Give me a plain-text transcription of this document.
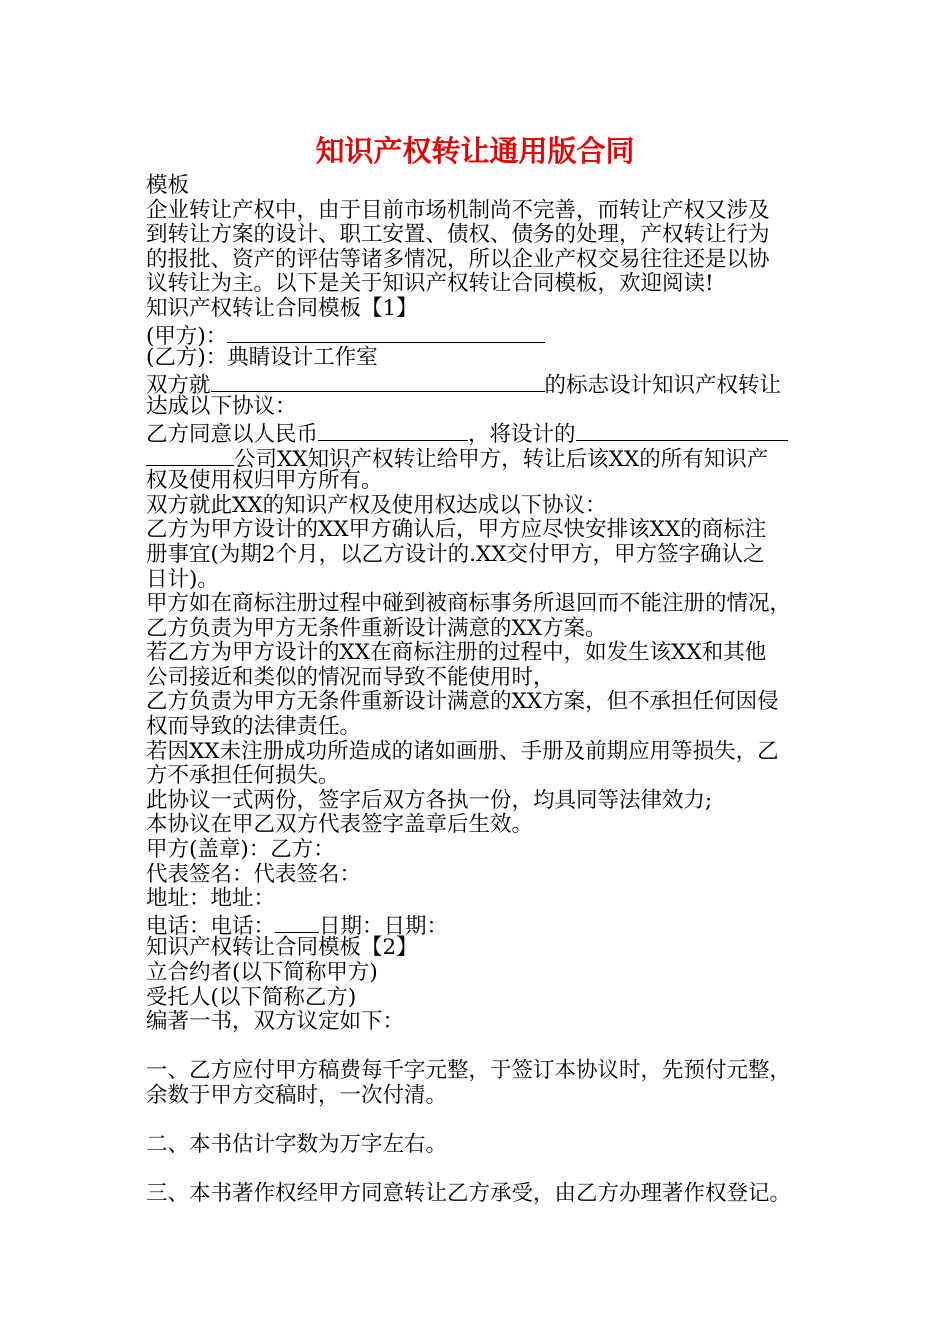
知识产权转让通用版合同
模板
企业转让产权中，由于目前市场机制尚不完善，而转让产权又涉及
到转让方案的设计、职工安置、债权、债务的处理，产权转让行为
的报批、资产的评估等诸多情况，所以企业产权交易往往还是以协
议转让为主。以下是关于知识产权转让合同模板，欢迎阅读!
知识产权转让合同模板【1】
(甲方)：
(乙方)：典睛设计工作室
双方就	的标志设计知识产权转让
达成以下协议：
乙方同意以人民币	，将设计的
公司XX知识产权转让给甲方，转让后该XX的所有知识产
权及使用权归甲方所有。
双方就此XX的知识产权及使用权达成以下协议：
乙方为甲方设计的XX甲方确认后，甲方应尽快安排该XX的商标注
册事宜(为期2个月，以乙方设计的.XX交付甲方，甲方签字确认之
日计)。
甲方如在商标注册过程中碰到被商标事务所退回而不能注册的情况，
乙方负责为甲方无条件重新设计满意的XX方案。
若乙方为甲方设计的XX在商标注册的过程中，如发生该XX和其他
公司接近和类似的情况而导致不能使用时，
乙方负责为甲方无条件重新设计满意的XX方案，但不承担任何因侵
权而导致的法律责任。
若因XX未注册成功所造成的诸如画册、手册及前期应用等损失，乙
方不承担任何损失。
此协议一式两份，签字后双方各执一份，均具同等法律效力;
本协议在甲乙双方代表签字盖章后生效。
甲方(盖章)：乙方：
代表签名：代表签名：
地址：地址：
电话：电话： 日期：日期：
知识产权转让合同模板【2】
立合约者(以下简称甲方)
受托人(以下简称乙方)
编著一书，双方议定如下：
一、乙方应付甲方稿费每千字元整，于签订本协议时，先预付元整，
余数于甲方交稿时，一次付清。
二、本书估计字数为万字左右。
三、本书著作权经甲方同意转让乙方承受，由乙方办理著作权登记。
